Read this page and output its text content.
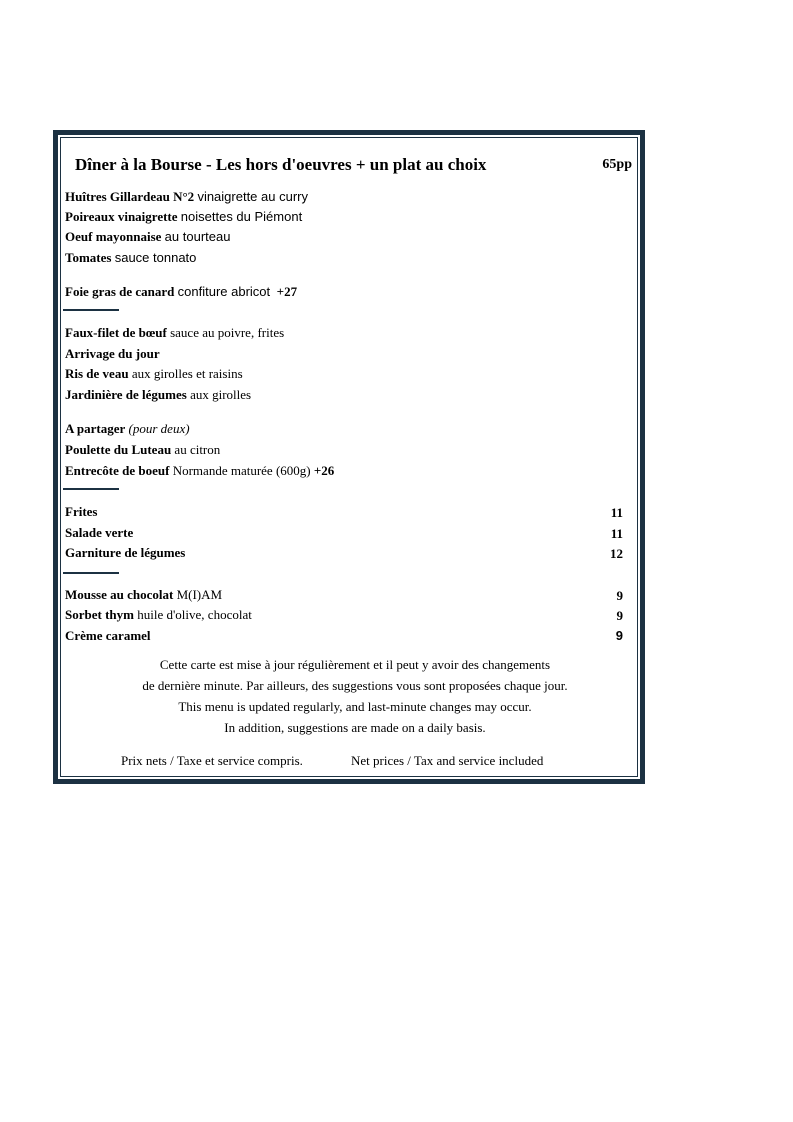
Dîner à la Bourse - Les hors d'oeuvres + un plat au choix	65pp
Huîtres Gillardeau N°2 vinaigrette au curry
Poireaux vinaigrette noisettes du Piémont
Oeuf mayonnaise au tourteau
Tomates sauce tonnato
Foie gras de canard confiture abricot +27
Faux-filet de bœuf sauce au poivre, frites
Arrivage du jour
Ris de veau aux girolles et raisins
Jardinière de légumes aux girolles
A partager (pour deux)
Poulette du Luteau au citron
Entrecôte de boeuf Normande maturée (600g) +26
Frites	11
Salade verte	11
Garniture de légumes	12
Mousse au chocolat M(I)AM	9
Sorbet thym huile d'olive, chocolat	9
Crème caramel	9
Cette carte est mise à jour régulièrement et il peut y avoir des changements
de dernière minute. Par ailleurs, des suggestions vous sont proposées chaque jour.
This menu is updated regularly, and last-minute changes may occur.
In addition, suggestions are made on a daily basis.
Prix nets / Taxe et service compris.	Net prices / Tax and service included
